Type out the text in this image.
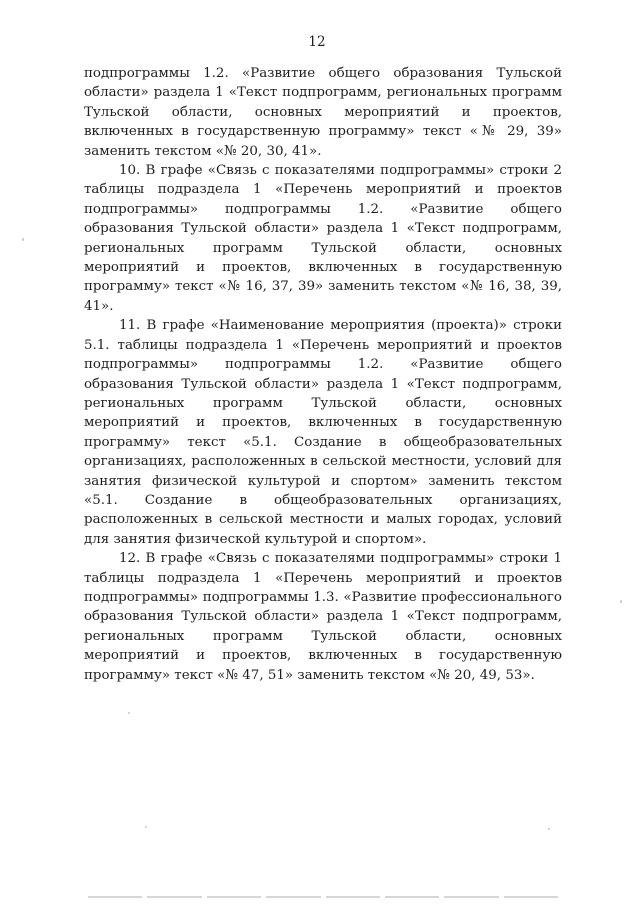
12

подпрограммы 1.2. «Развитие общего образования Тульской области» раздела 1 «Текст подпрограмм, региональных программ Тульской области, основных мероприятий и проектов, включенных в государственную программу» текст «№ 29, 39» заменить текстом «№ 20, 30, 41».

10. В графе «Связь с показателями подпрограммы» строки 2 таблицы подраздела 1 «Перечень мероприятий и проектов подпрограммы» подпрограммы 1.2. «Развитие общего образования Тульской области» раздела 1 «Текст подпрограмм, региональных программ Тульской области, основных мероприятий и проектов, включенных в государственную программу» текст «№ 16, 37, 39» заменить текстом «№ 16, 38, 39, 41».

11. В графе «Наименование мероприятия (проекта)» строки 5.1. таблицы подраздела 1 «Перечень мероприятий и проектов подпрограммы» подпрограммы 1.2. «Развитие общего образования Тульской области» раздела 1 «Текст подпрограмм, региональных программ Тульской области, основных мероприятий и проектов, включенных в государственную программу» текст «5.1. Создание в общеобразовательных организациях, расположенных в сельской местности, условий для занятия физической культурой и спортом» заменить текстом «5.1. Создание в общеобразовательных организациях, расположенных в сельской местности и малых городах, условий для занятия физической культурой и спортом».

12. В графе «Связь с показателями подпрограммы» строки 1 таблицы подраздела 1 «Перечень мероприятий и проектов подпрограммы» подпрограммы 1.3. «Развитие профессионального образования Тульской области» раздела 1 «Текст подпрограмм, региональных программ Тульской области, основных мероприятий и проектов, включенных в государственную программу» текст «№ 47, 51» заменить текстом «№ 20, 49, 53».
